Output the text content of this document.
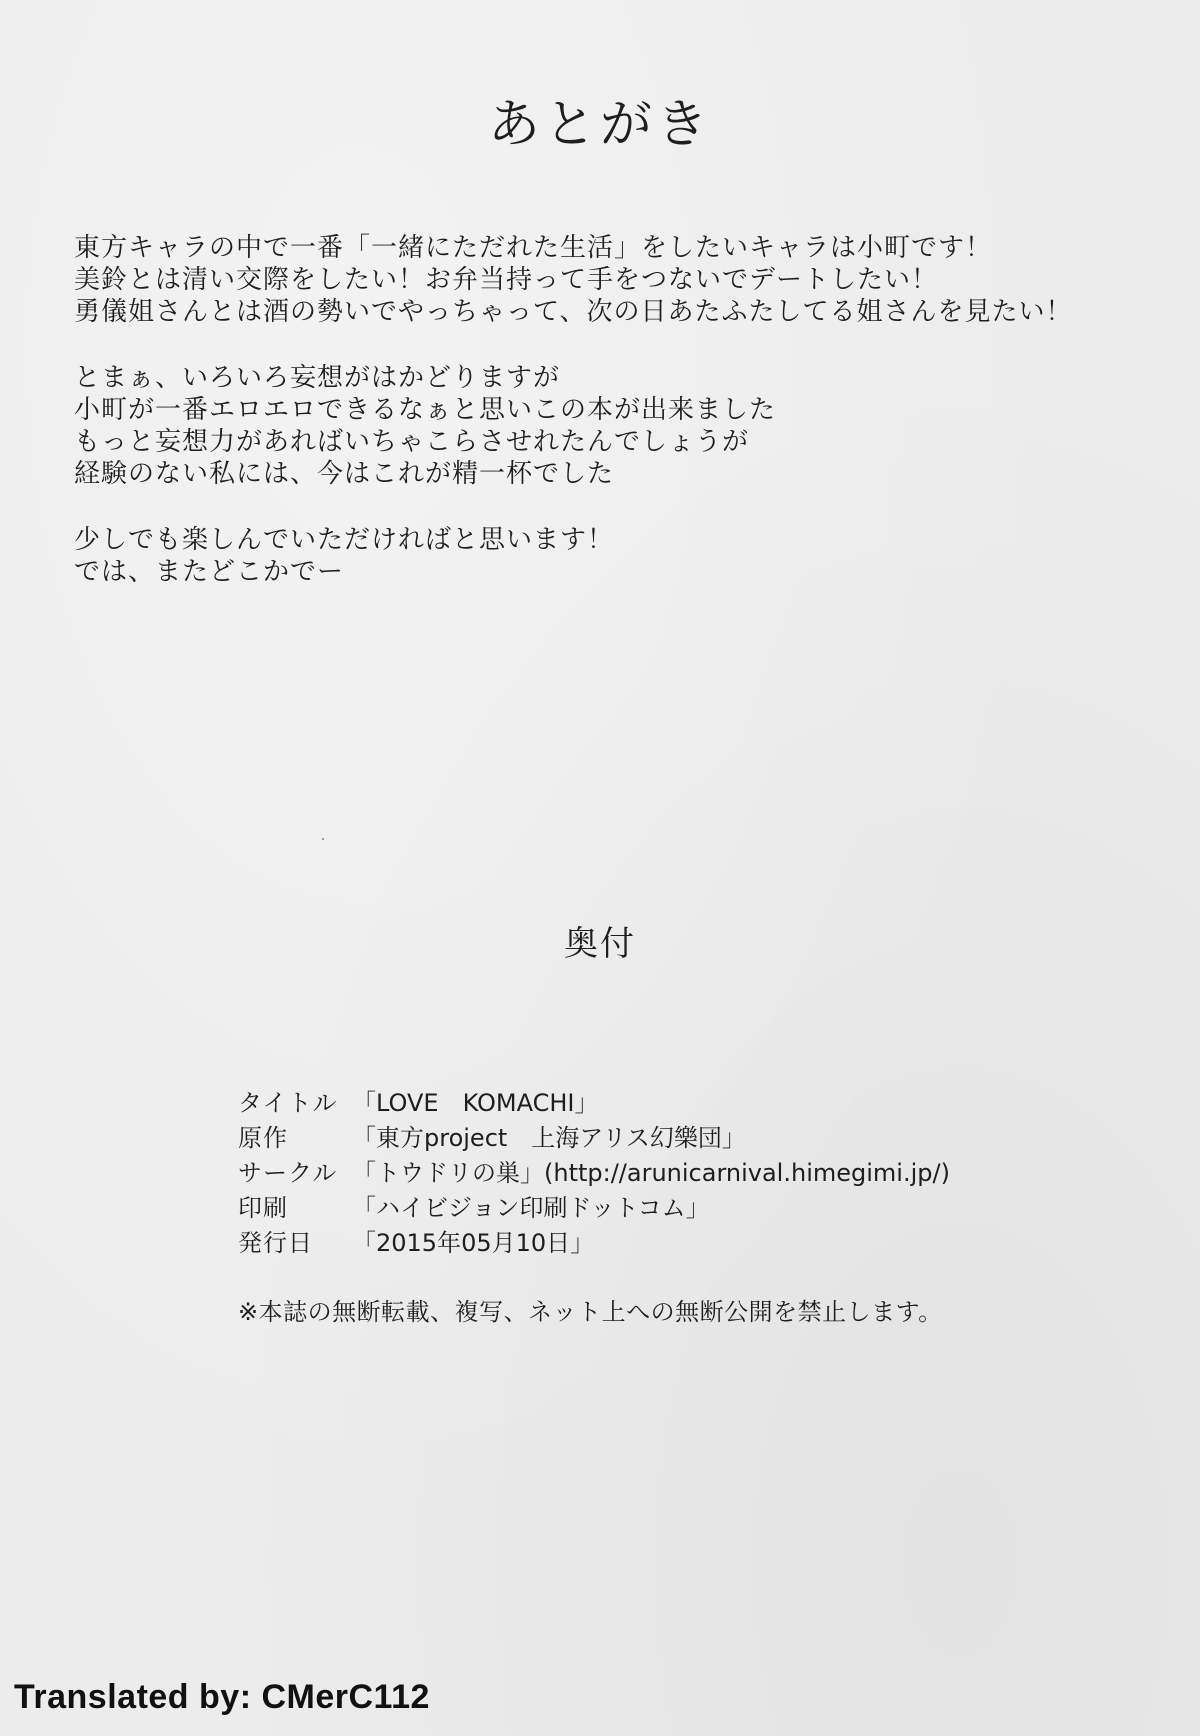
あとがき

東方キャラの中で一番「一緒にただれた生活」をしたいキャラは小町です！
美鈴とは清い交際をしたい！お弁当持って手をつないでデートしたい！
勇儀姐さんとは酒の勢いでやっちゃって、次の日あたふたしてる姐さんを見たい！

とまぁ、いろいろ妄想がはかどりますが
小町が一番エロエロできるなぁと思いこの本が出来ました
もっと妄想力があればいちゃこらさせれたんでしょうが
経験のない私には、今はこれが精一杯でした

少しでも楽しんでいただければと思います！
では、またどこかでー

奥付
タイトル 「LOVE　KOMACHI」
原作	「東方project　上海アリス幻樂団」
サークル 「トウドリの巣」(http://arunicarnival.himegimi.jp/)
印刷	「ハイビジョン印刷ドットコム」
発行日	「2015年05月10日」
※本誌の無断転載、複写、ネット上への無断公開を禁止します。
Translated by: CMerC112
